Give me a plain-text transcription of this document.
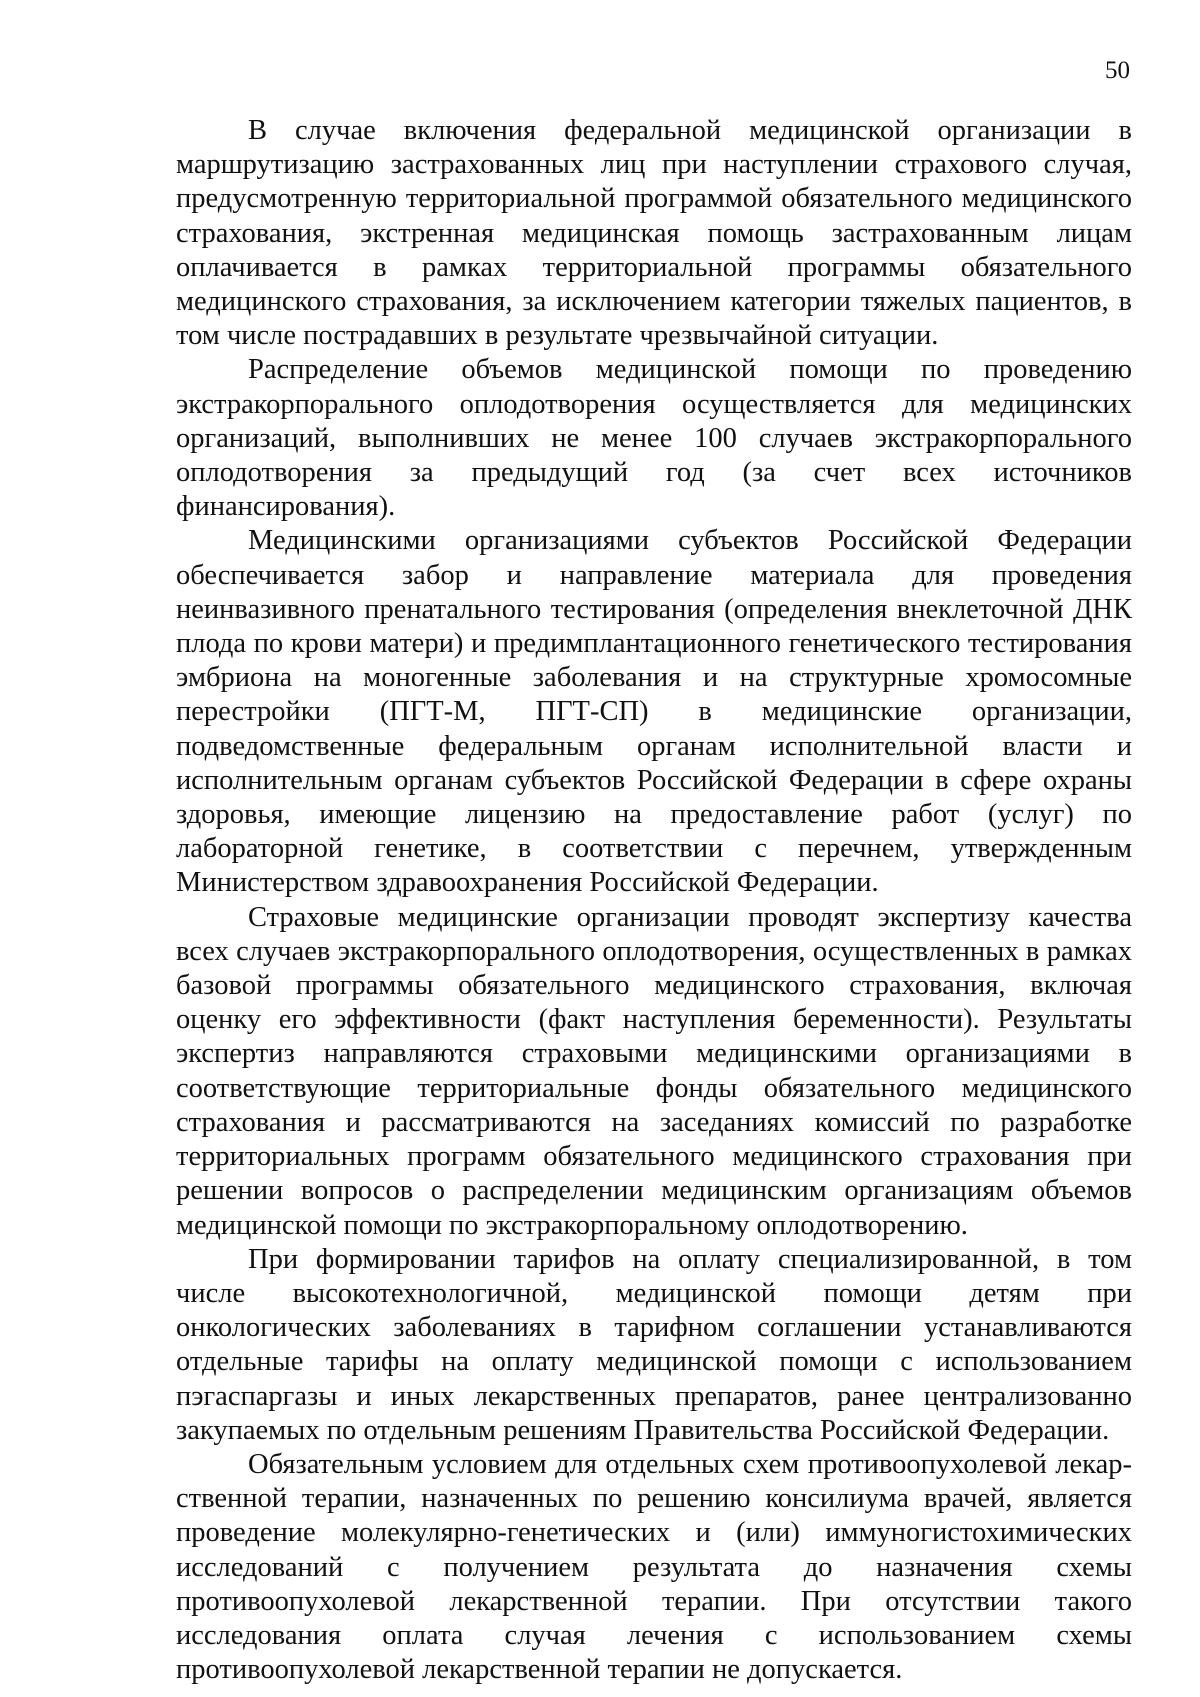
50

В случае включения федеральной медицинской организации в маршрутизацию застрахованных лиц при наступлении страхового случая, предусмотренную территориальной программой обязательного медицинского страхования, экстренная медицинская помощь застрахованным лицам оплачивается в рамках территориальной программы обязательного медицинского страхования, за исключением категории тяжелых пациентов, в том числе пострадавших в результате чрезвычайной ситуации.

Распределение объемов медицинской помощи по проведению экстракорпорального оплодотворения осуществляется для медицинских организаций, выполнивших не менее 100 случаев экстракорпорального оплодотворения за предыдущий год (за счет всех источников финансирования).

Медицинскими организациями субъектов Российской Федерации обеспечивается забор и направление материала для проведения неинвазивного пренатального тестирования (определения внеклеточной ДНК плода по крови матери) и предимплантационного генетического тестирования эмбриона на моногенные заболевания и на структурные хромосомные перестройки (ПГТ-М, ПГТ-СП) в медицинские организации, подведомственные федеральным органам исполнительной власти и исполнительным органам субъектов Российской Федерации в сфере охраны здоровья, имеющие лицензию на предоставление работ (услуг) по лабораторной генетике, в соответствии с перечнем, утвержденным Министерством здравоохранения Российской Федерации.

Страховые медицинские организации проводят экспертизу качества всех случаев экстракорпорального оплодотворения, осуществленных в рамках базовой программы обязательного медицинского страхования, включая оценку его эффективности (факт наступления беременности). Результаты экспертиз направляются страховыми медицинскими организациями в соответствующие территориальные фонды обязательного медицинского страхования и рассматриваются на заседаниях комиссий по разработке территориальных программ обязательного медицинского страхования при решении вопросов о распределении медицинским организациям объемов медицинской помощи по экстракорпоральному оплодотворению.

При формировании тарифов на оплату специализированной, в том числе высокотехнологичной, медицинской помощи детям при онкологических заболеваниях в тарифном соглашении устанавливаются отдельные тарифы на оплату медицинской помощи с использованием пэгаспаргазы и иных лекарственных препаратов, ранее централизованно закупаемых по отдельным решениям Правительства Российской Федерации.

Обязательным условием для отдельных схем противоопухолевой лекарственной терапии, назначенных по решению консилиума врачей, является проведение молекулярно-генетических и (или) иммуногистохимических исследований с получением результата до назначения схемы противоопухолевой лекарственной терапии. При отсутствии такого исследования оплата случая лечения с использованием схемы противоопухолевой лекарственной терапии не допускается.
